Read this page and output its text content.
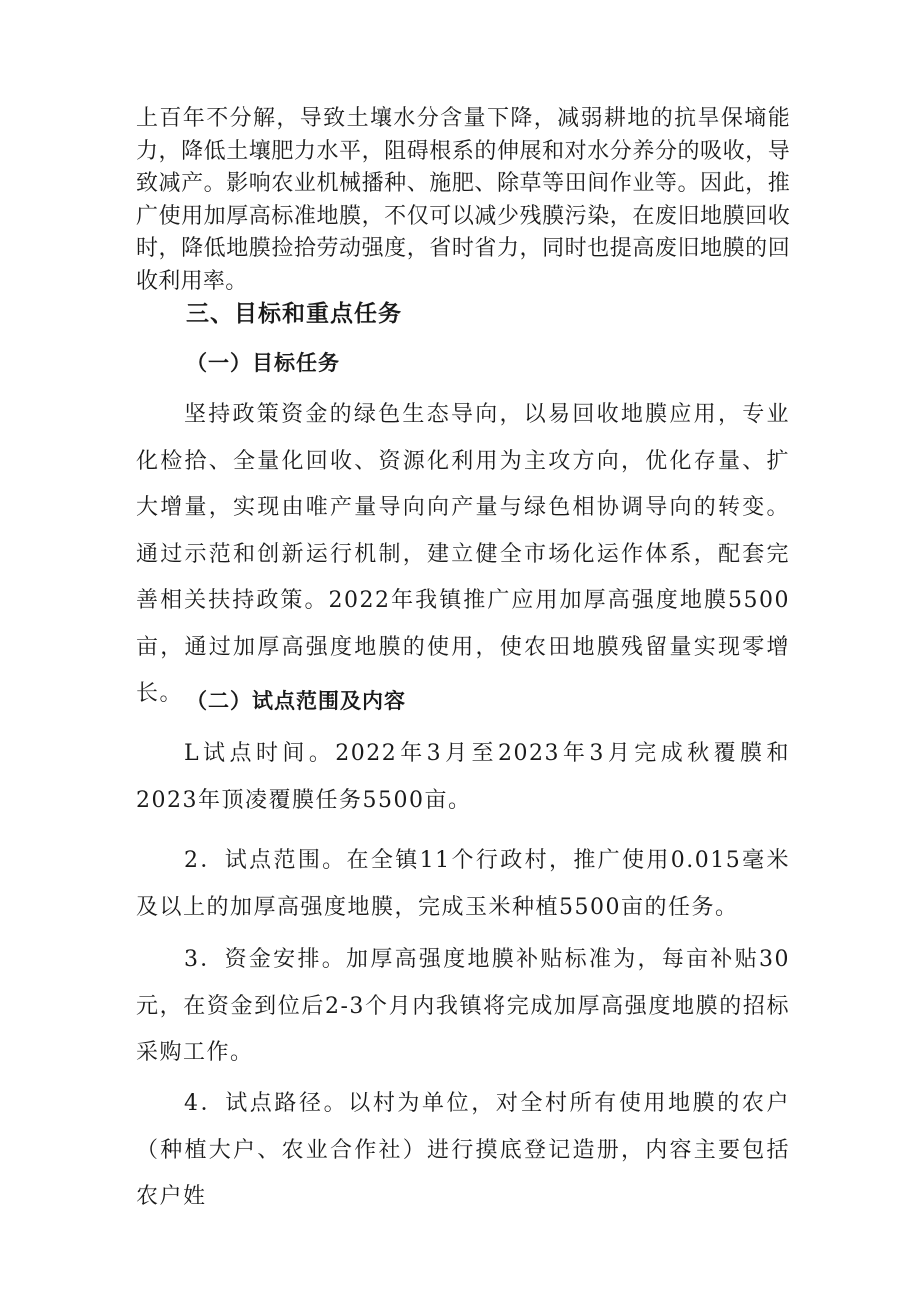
上百年不分解，导致土壤水分含量下降，减弱耕地的抗旱保墒能力，降低土壤肥力水平，阻碍根系的伸展和对水分养分的吸收，导致减产。影响农业机械播种、施肥、除草等田间作业等。因此，推广使用加厚高标准地膜，不仅可以减少残膜污染，在废旧地膜回收时，降低地膜捡拾劳动强度，省时省力，同时也提高废旧地膜的回收利用率。

三、目标和重点任务
（一）目标任务

坚持政策资金的绿色生态导向，以易回收地膜应用，专业化检拾、全量化回收、资源化利用为主攻方向，优化存量、扩大增量，实现由唯产量导向向产量与绿色相协调导向的转变。通过示范和创新运行机制，建立健全市场化运作体系，配套完善相关扶持政策。2022年我镇推广应用加厚高强度地膜5500亩，通过加厚高强度地膜的使用，使农田地膜残留量实现零增长。 （二）试点范围及内容

L试点时间。2022年3月至2023年3月完成秋覆膜和2023年顶凌覆膜任务5500亩。

2．试点范围。在全镇11个行政村，推广使用0.015毫米及以上的加厚高强度地膜，完成玉米种植5500亩的任务。

3．资金安排。加厚高强度地膜补贴标准为，每亩补贴30元，在资金到位后2-3个月内我镇将完成加厚高强度地膜的招标采购工作。

4．试点路径。以村为单位，对全村所有使用地膜的农户（种植大户、农业合作社）进行摸底登记造册，内容主要包括农户姓
